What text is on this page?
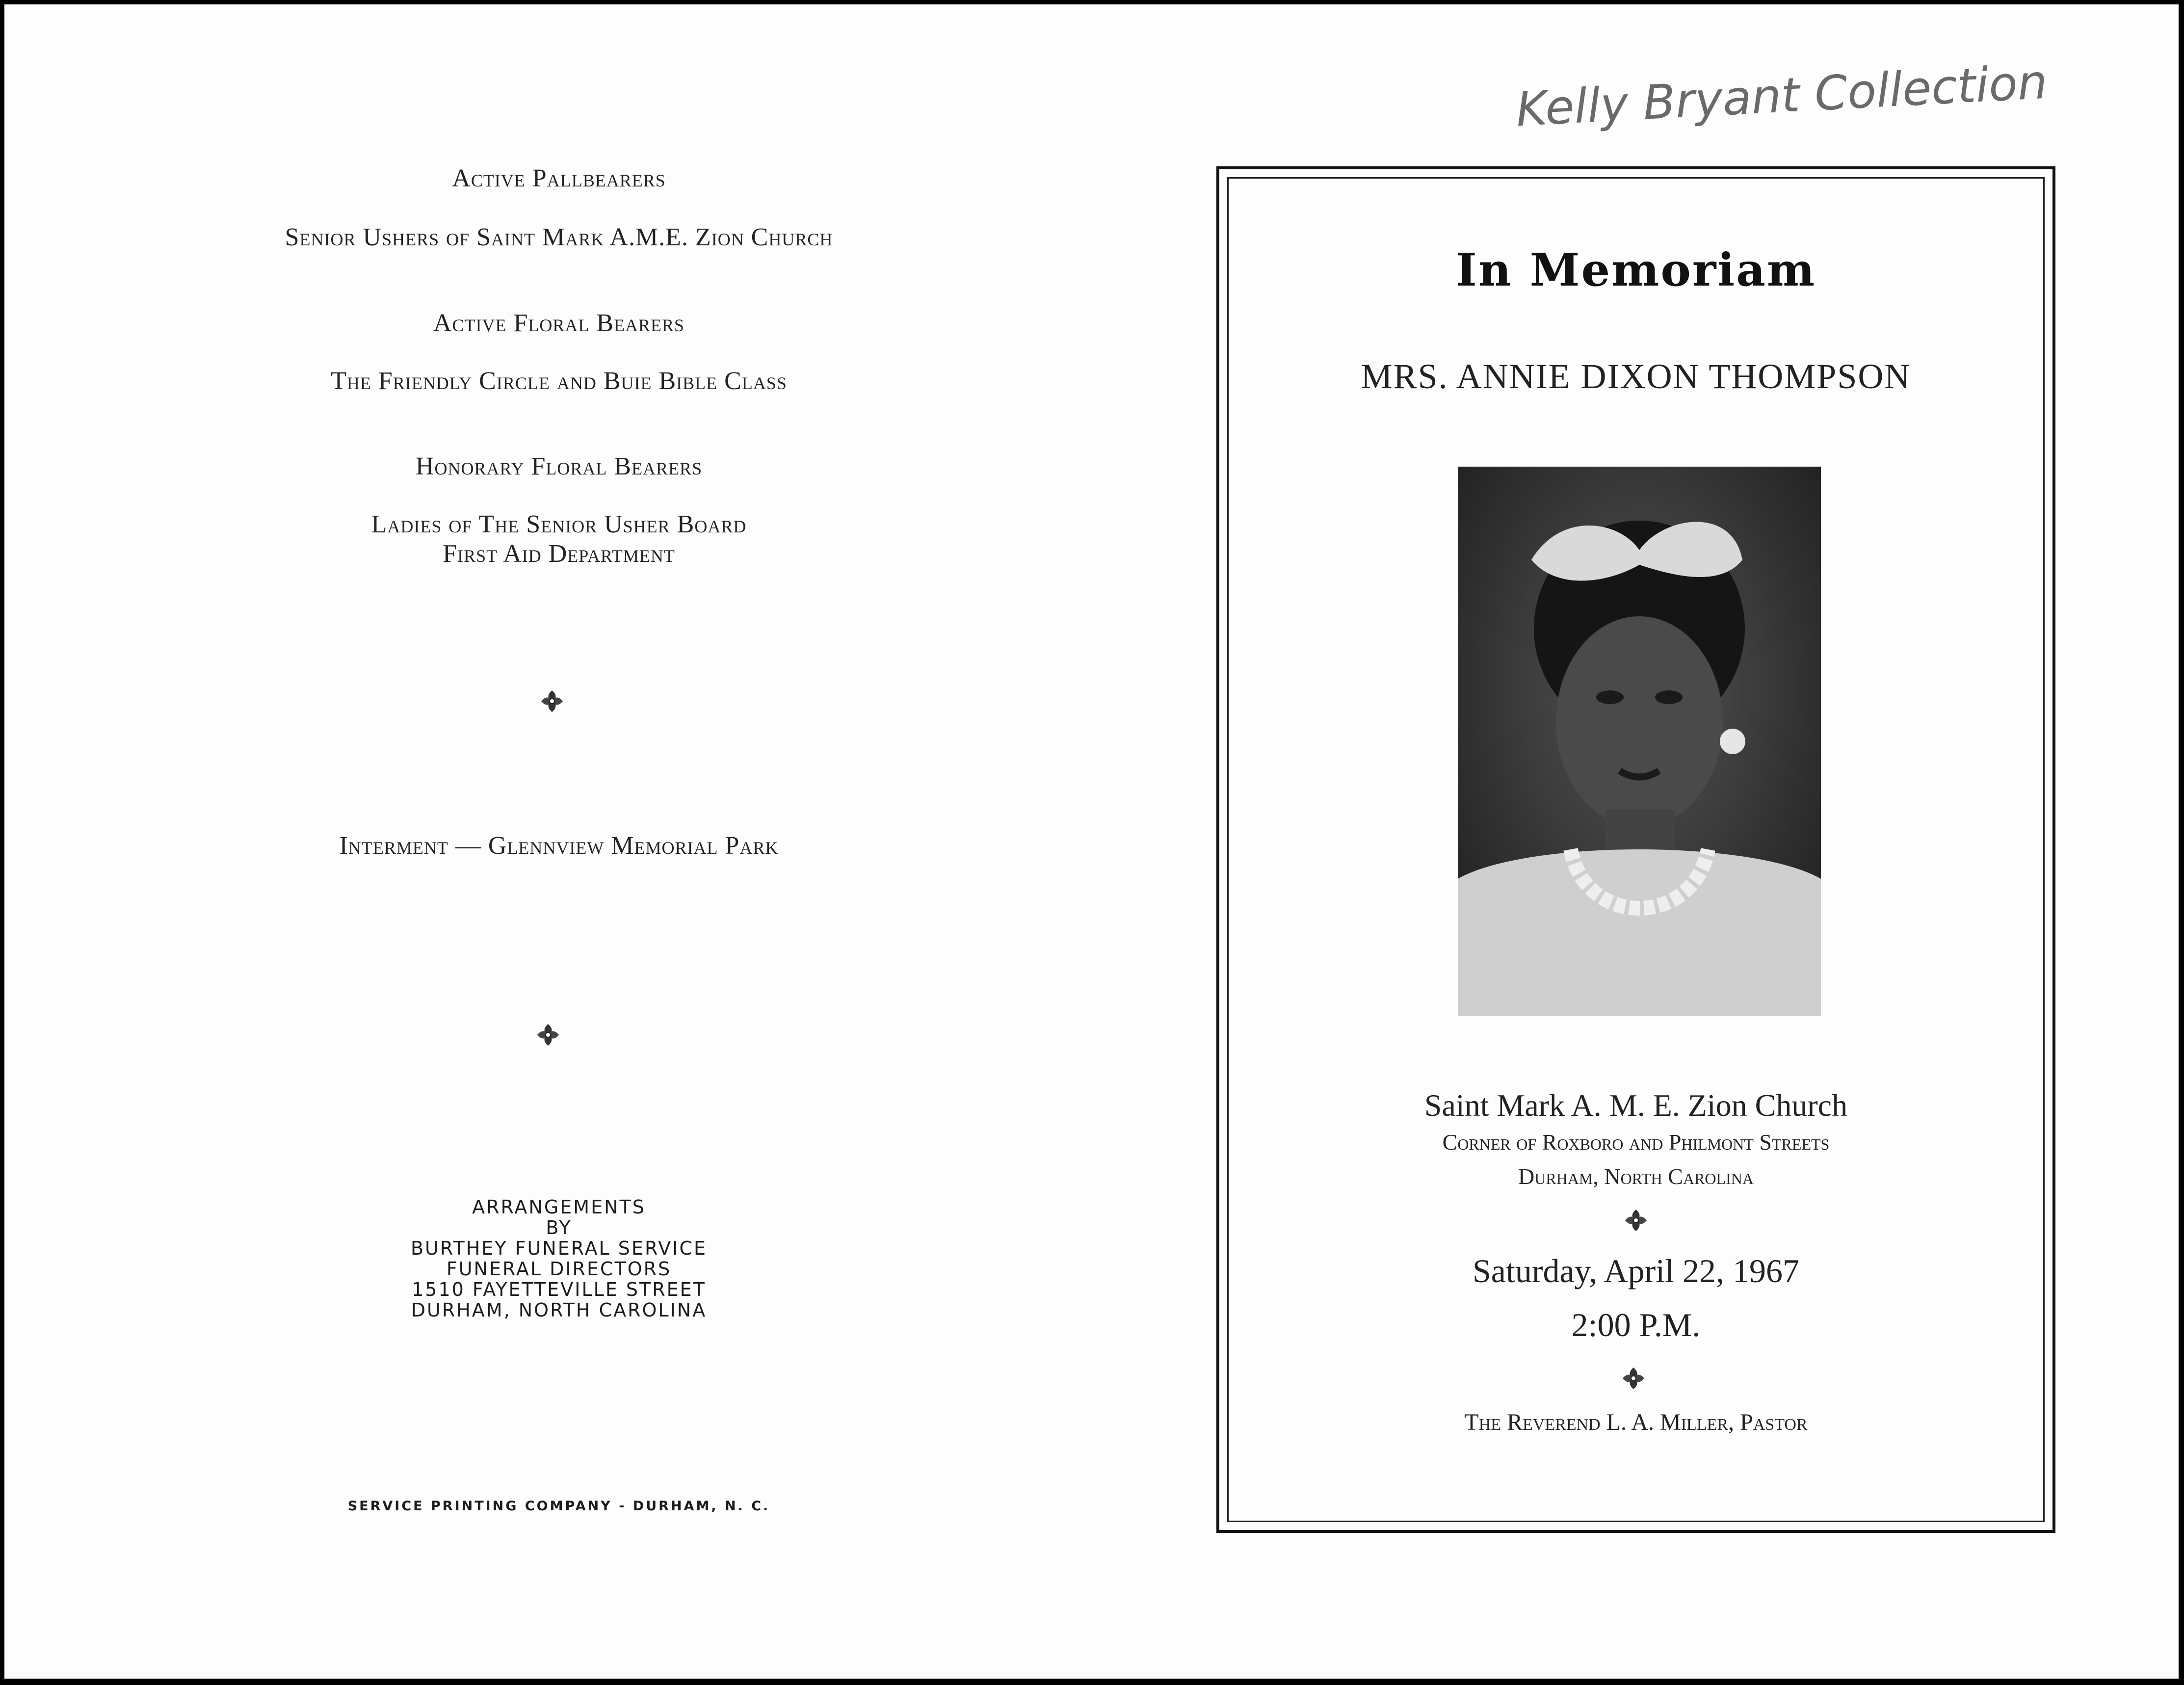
Kelly Bryant Collection
Active Pallbearers
Senior Ushers of Saint Mark A.M.E. Zion Church
Active Floral Bearers
The Friendly Circle and Buie Bible Class
Honorary Floral Bearers
Ladies of The Senior Usher Board
First Aid Department
Interment — Glennview Memorial Park
ARRANGEMENTS
BY
BURTHEY FUNERAL SERVICE
FUNERAL DIRECTORS
1510 FAYETTEVILLE STREET
DURHAM, NORTH CAROLINA
SERVICE PRINTING COMPANY - DURHAM, N. C.
In Memoriam
MRS. ANNIE DIXON THOMPSON
Saint Mark A. M. E. Zion Church
Corner of Roxboro and Philmont Streets
Durham, North Carolina
Saturday, April 22, 1967
2:00 P.M.
The Reverend L. A. Miller, Pastor
